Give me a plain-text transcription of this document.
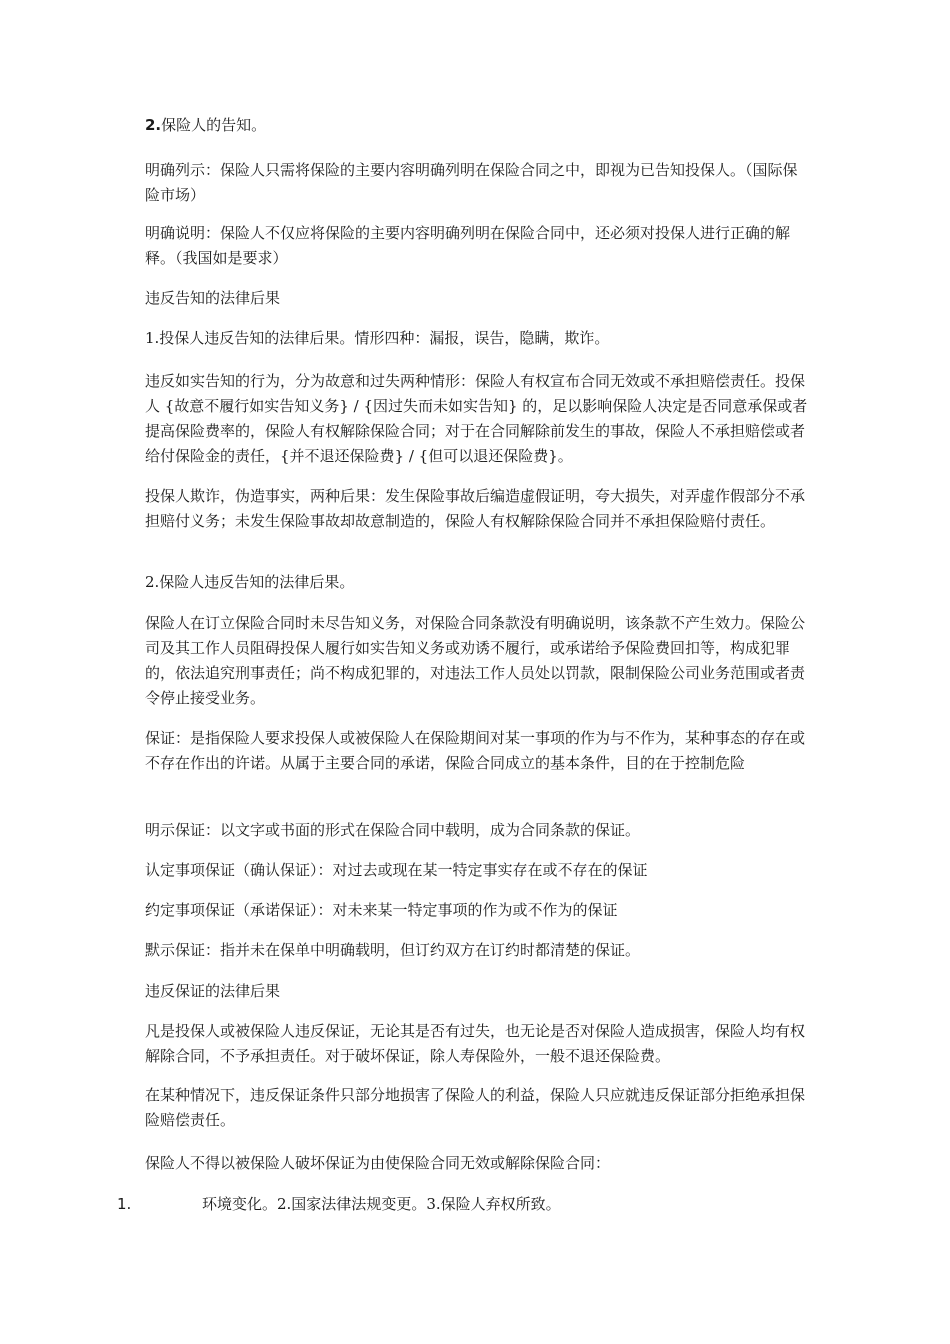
2.保险人的告知。

明确列示：保险人只需将保险的主要内容明确列明在保险合同之中，即视为已告知投保人。（国际保险市场）

明确说明：保险人不仅应将保险的主要内容明确列明在保险合同中，还必须对投保人进行正确的解释。（我国如是要求）

违反告知的法律后果

1.投保人违反告知的法律后果。情形四种：漏报，误告，隐瞒，欺诈。

违反如实告知的行为，分为故意和过失两种情形：保险人有权宣布合同无效或不承担赔偿责任。投保人 {故意不履行如实告知义务} / {因过失而未如实告知} 的，足以影响保险人决定是否同意承保或者提高保险费率的，保险人有权解除保险合同；对于在合同解除前发生的事故，保险人不承担赔偿或者给付保险金的责任，{并不退还保险费} / {但可以退还保险费}。

投保人欺诈，伪造事实，两种后果：发生保险事故后编造虚假证明，夸大损失，对弄虚作假部分不承担赔付义务；未发生保险事故却故意制造的，保险人有权解除保险合同并不承担保险赔付责任。

2.保险人违反告知的法律后果。

保险人在订立保险合同时未尽告知义务，对保险合同条款没有明确说明，该条款不产生效力。保险公司及其工作人员阻碍投保人履行如实告知义务或劝诱不履行，或承诺给予保险费回扣等，构成犯罪的，依法追究刑事责任；尚不构成犯罪的，对违法工作人员处以罚款，限制保险公司业务范围或者责令停止接受业务。

保证：是指保险人要求投保人或被保险人在保险期间对某一事项的作为与不作为，某种事态的存在或不存在作出的许诺。从属于主要合同的承诺，保险合同成立的基本条件，目的在于控制危险

明示保证：以文字或书面的形式在保险合同中载明，成为合同条款的保证。

认定事项保证（确认保证）：对过去或现在某一特定事实存在或不存在的保证

约定事项保证（承诺保证）：对未来某一特定事项的作为或不作为的保证

默示保证：指并未在保单中明确载明，但订约双方在订约时都清楚的保证。

违反保证的法律后果

凡是投保人或被保险人违反保证，无论其是否有过失，也无论是否对保险人造成损害，保险人均有权解除合同，不予承担责任。对于破坏保证，除人寿保险外，一般不退还保险费。

在某种情况下，违反保证条件只部分地损害了保险人的利益，保险人只应就违反保证部分拒绝承担保险赔偿责任。

保险人不得以被保险人破坏保证为由使保险合同无效或解除保险合同：

1.	环境变化。2.国家法律法规变更。3.保险人弃权所致。
